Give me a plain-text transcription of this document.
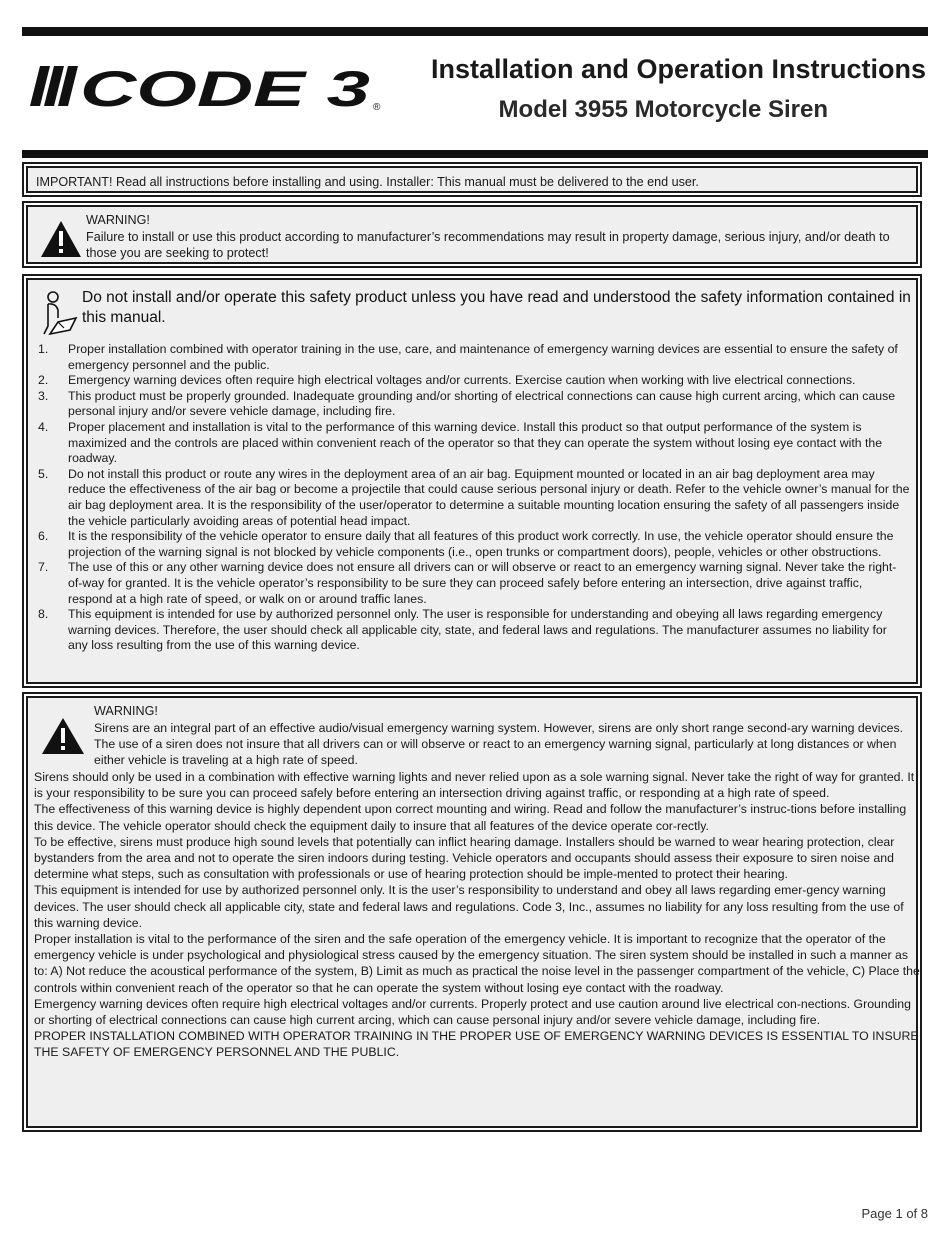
CODE 3 ®
Installation and Operation Instructions
Model 3955 Motorcycle Siren
IMPORTANT! Read all instructions before installing and using. Installer: This manual must be delivered to the end user.
WARNING!
Failure to install or use this product according to manufacturer’s recommendations may result in property damage, serious injury, and/or death to those you are seeking to protect!
Do not install and/or operate this safety product unless you have read and understood the safety information contained in this manual.
1. Proper installation combined with operator training in the use, care, and maintenance of emergency warning devices are essential to ensure the safety of emergency personnel and the public.
2. Emergency warning devices often require high electrical voltages and/or currents. Exercise caution when working with live electrical connections.
3. This product must be properly grounded. Inadequate grounding and/or shorting of electrical connections can cause high current arcing, which can cause personal injury and/or severe vehicle damage, including fire.
4. Proper placement and installation is vital to the performance of this warning device. Install this product so that output performance of the system is maximized and the controls are placed within convenient reach of the operator so that they can operate the system without losing eye contact with the roadway.
5. Do not install this product or route any wires in the deployment area of an air bag. Equipment mounted or located in an air bag deployment area may reduce the effectiveness of the air bag or become a projectile that could cause serious personal injury or death. Refer to the vehicle owner’s manual for the air bag deployment area. It is the responsibility of the user/operator to determine a suitable mounting location ensuring the safety of all passengers inside the vehicle particularly avoiding areas of potential head impact.
6. It is the responsibility of the vehicle operator to ensure daily that all features of this product work correctly. In use, the vehicle operator should ensure the projection of the warning signal is not blocked by vehicle components (i.e., open trunks or compartment doors), people, vehicles or other obstructions.
7. The use of this or any other warning device does not ensure all drivers can or will observe or react to an emergency warning signal. Never take the right-of-way for granted. It is the vehicle operator’s responsibility to be sure they can proceed safely before entering an intersection, drive against traffic, respond at a high rate of speed, or walk on or around traffic lanes.
8. This equipment is intended for use by authorized personnel only. The user is responsible for understanding and obeying all laws regarding emergency warning devices. Therefore, the user should check all applicable city, state, and federal laws and regulations. The manufacturer assumes no liability for any loss resulting from the use of this warning device.
WARNING!
Sirens are an integral part of an effective audio/visual emergency warning system. However, sirens are only short range second-ary warning devices. The use of a siren does not insure that all drivers can or will observe or react to an emergency warning signal, particularly at long distances or when either vehicle is traveling at a high rate of speed.

Sirens should only be used in a combination with effective warning lights and never relied upon as a sole warning signal. Never take the right of way for granted. It is your responsibility to be sure you can proceed safely before entering an intersection driving against traffic, or responding at a high rate of speed.

The effectiveness of this warning device is highly dependent upon correct mounting and wiring. Read and follow the manufacturer’s instruc-tions before installing this device. The vehicle operator should check the equipment daily to insure that all features of the device operate cor-rectly.

To be effective, sirens must produce high sound levels that potentially can inflict hearing damage. Installers should be warned to wear hearing protection, clear bystanders from the area and not to operate the siren indoors during testing. Vehicle operators and occupants should assess their exposure to siren noise and determine what steps, such as consultation with professionals or use of hearing protection should be imple-mented to protect their hearing.

This equipment is intended for use by authorized personnel only. It is the user’s responsibility to understand and obey all laws regarding emer-gency warning devices. The user should check all applicable city, state and federal laws and regulations. Code 3, Inc., assumes no liability for any loss resulting from the use of this warning device.

Proper installation is vital to the performance of the siren and the safe operation of the emergency vehicle. It is important to recognize that the operator of the emergency vehicle is under psychological and physiological stress caused by the emergency situation. The siren system should be installed in such a manner as to: A) Not reduce the acoustical performance of the system, B) Limit as much as practical the noise level in the passenger compartment of the vehicle, C) Place the controls within convenient reach of the operator so that he can operate the system without losing eye contact with the roadway.

Emergency warning devices often require high electrical voltages and/or currents. Properly protect and use caution around live electrical con-nections. Grounding or shorting of electrical connections can cause high current arcing, which can cause personal injury and/or severe vehicle damage, including fire.

PROPER INSTALLATION COMBINED WITH OPERATOR TRAINING IN THE PROPER USE OF EMERGENCY WARNING DEVICES IS ESSENTIAL TO INSURE THE SAFETY OF EMERGENCY PERSONNEL AND THE PUBLIC.

Page 1 of 8
